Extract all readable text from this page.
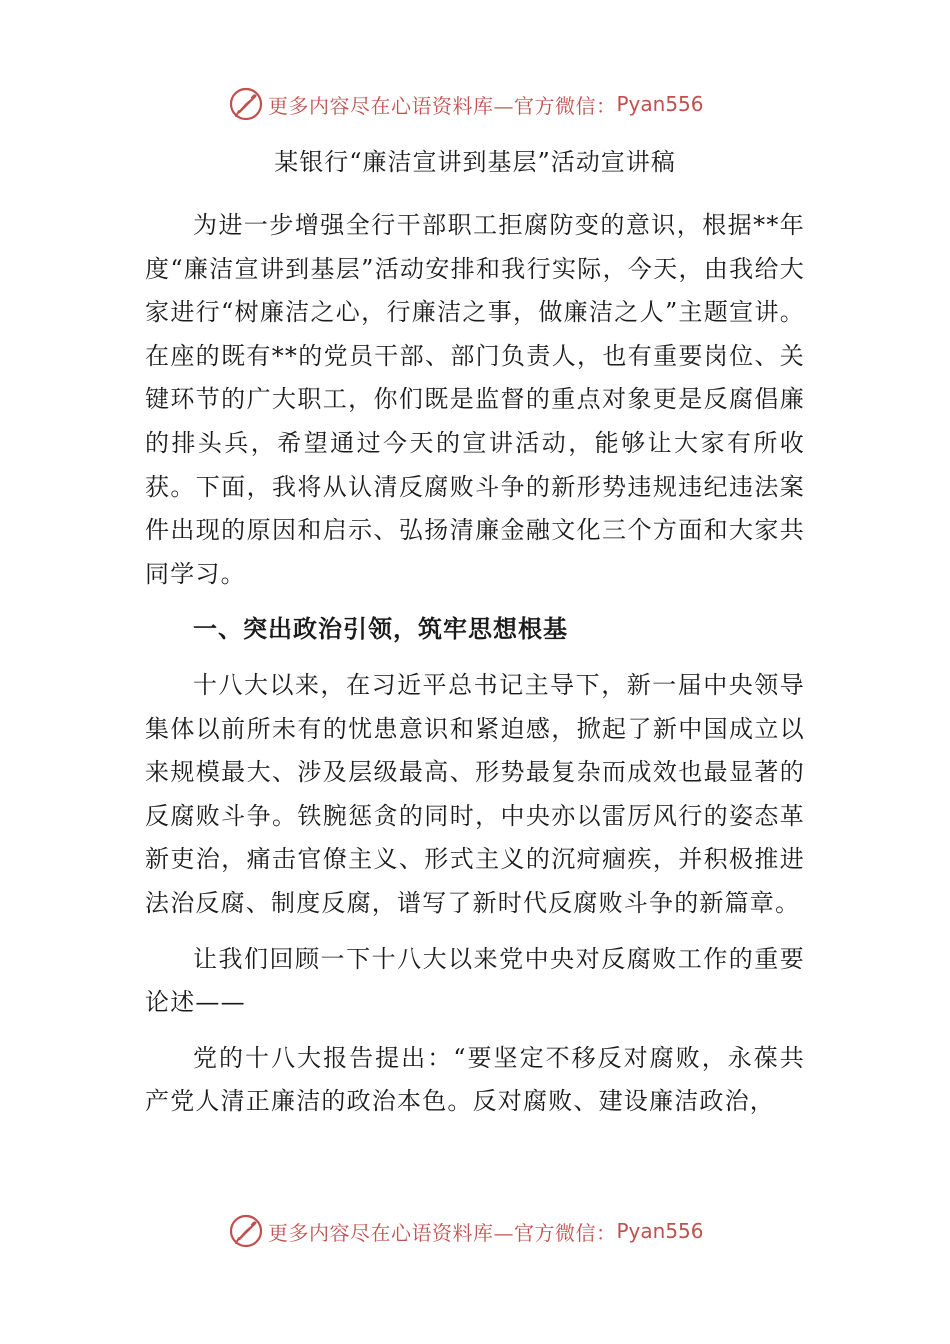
更多内容尽在心语资料库—官方微信： Pyan556
某银行“廉洁宣讲到基层”活动宣讲稿

为进一步增强全行干部职工拒腐防变的意识，根据**年度“廉洁宣讲到基层”活动安排和我行实际，今天，由我给大家进行“树廉洁之心，行廉洁之事，做廉洁之人”主题宣讲。在座的既有**的党员干部、部门负责人，也有重要岗位、关键环节的广大职工，你们既是监督的重点对象更是反腐倡廉的排头兵，希望通过今天的宣讲活动，能够让大家有所收获。下面，我将从认清反腐败斗争的新形势违规违纪违法案件出现的原因和启示、弘扬清廉金融文化三个方面和大家共同学习。

一、突出政治引领，筑牢思想根基

十八大以来，在习近平总书记主导下，新一届中央领导集体以前所未有的忧患意识和紧迫感，掀起了新中国成立以来规模最大、涉及层级最高、形势最复杂而成效也最显著的反腐败斗争。铁腕惩贪的同时，中央亦以雷厉风行的姿态革新吏治，痛击官僚主义、形式主义的沉疴痼疾，并积极推进法治反腐、制度反腐，谱写了新时代反腐败斗争的新篇章。

让我们回顾一下十八大以来党中央对反腐败工作的重要论述——

党的十八大报告提出：“要坚定不移反对腐败，永葆共产党人清正廉洁的政治本色。反对腐败、建设廉洁政治，

更多内容尽在心语资料库—官方微信： Pyan556
